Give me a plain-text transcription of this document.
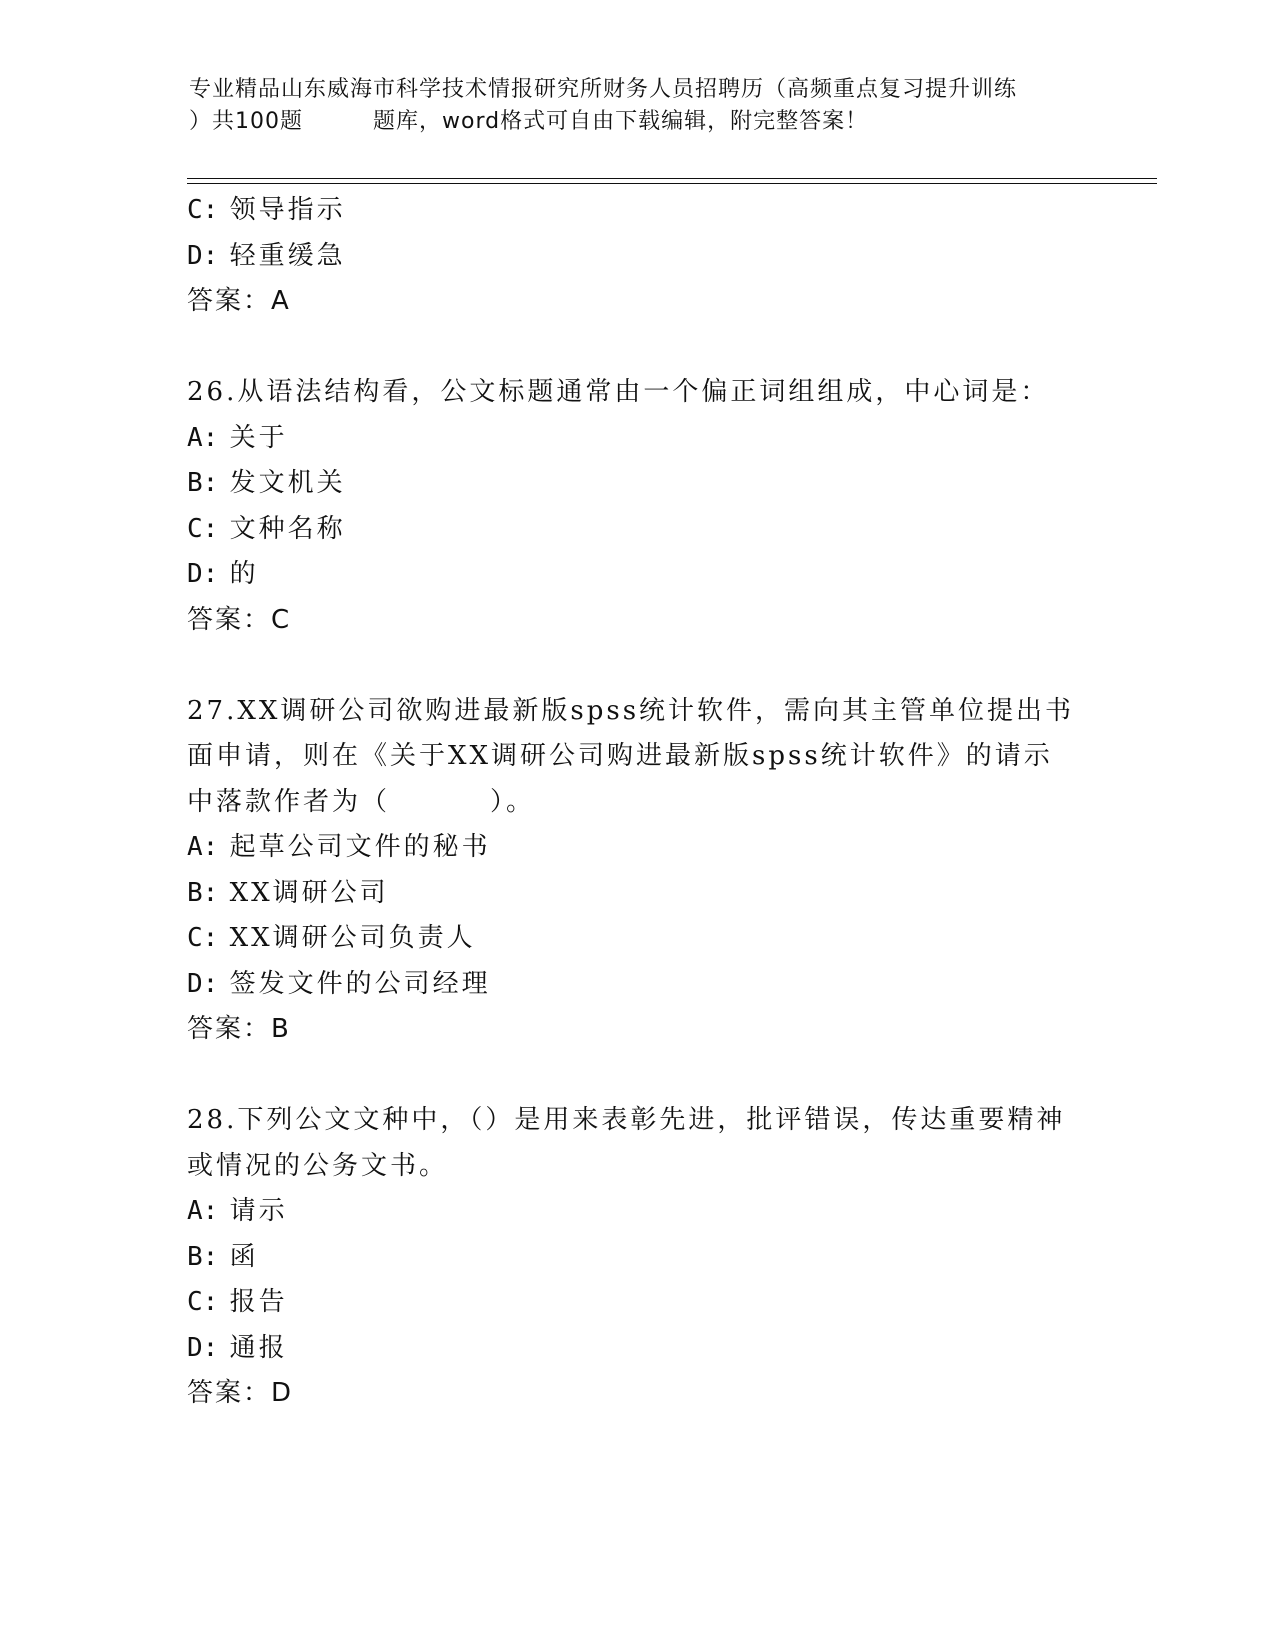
专业精品山东威海市科学技术情报研究所财务人员招聘历（高频重点复习提升训练
）共100题	题库，word格式可自由下载编辑，附完整答案！
C: 领导指示
D: 轻重缓急
答案：A
26.从语法结构看，公文标题通常由一个偏正词组组成，中心词是：
A: 关于
B: 发文机关
C: 文种名称
D: 的
答案：C
27.XX调研公司欲购进最新版spss统计软件，需向其主管单位提出书
面申请，则在《关于XX调研公司购进最新版spss统计软件》的请示
中落款作者为（	）。
A: 起草公司文件的秘书
B: XX调研公司
C: XX调研公司负责人
D: 签发文件的公司经理
答案：B
28.下列公文文种中，（）是用来表彰先进，批评错误，传达重要精神
或情况的公务文书。
A: 请示
B: 函
C: 报告
D: 通报
答案：D
